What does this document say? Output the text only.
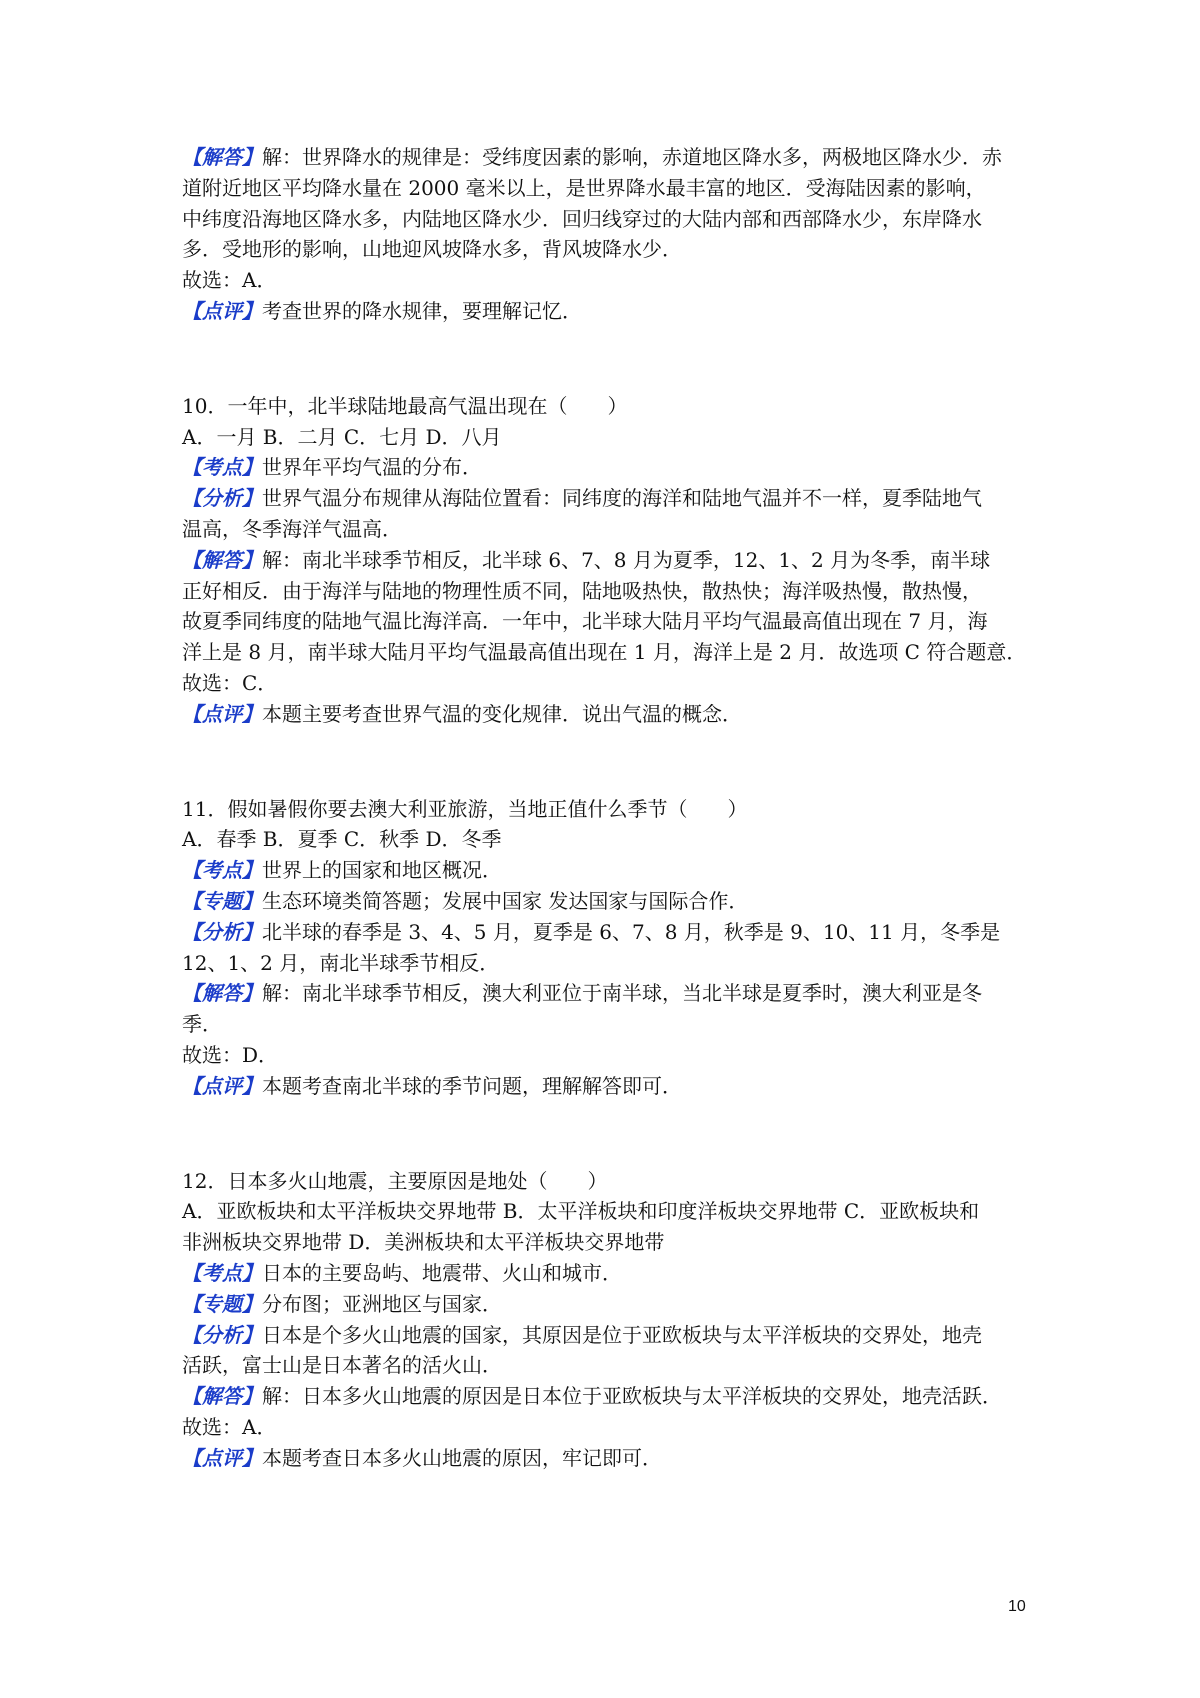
【解答】解：世界降水的规律是：受纬度因素的影响，赤道地区降水多，两极地区降水少．赤
道附近地区平均降水量在 2000 毫米以上，是世界降水最丰富的地区．受海陆因素的影响，
中纬度沿海地区降水多，内陆地区降水少．回归线穿过的大陆内部和西部降水少，东岸降水
多．受地形的影响，山地迎风坡降水多，背风坡降水少．
故选：A．
【点评】考查世界的降水规律，要理解记忆．
10．一年中，北半球陆地最高气温出现在（　　）
A．一月 B．二月 C．七月 D．八月
【考点】世界年平均气温的分布．
【分析】世界气温分布规律从海陆位置看：同纬度的海洋和陆地气温并不一样，夏季陆地气
温高，冬季海洋气温高．
【解答】解：南北半球季节相反，北半球 6、7、8 月为夏季，12、1、2 月为冬季，南半球
正好相反．由于海洋与陆地的物理性质不同，陆地吸热快，散热快；海洋吸热慢，散热慢，
故夏季同纬度的陆地气温比海洋高．一年中，北半球大陆月平均气温最高值出现在 7 月，海
洋上是 8 月，南半球大陆月平均气温最高值出现在 1 月，海洋上是 2 月．故选项 C 符合题意．
故选：C．
【点评】本题主要考查世界气温的变化规律．说出气温的概念．
11．假如暑假你要去澳大利亚旅游，当地正值什么季节（　　）
A．春季 B．夏季 C．秋季 D．冬季
【考点】世界上的国家和地区概况．
【专题】生态环境类简答题；发展中国家 发达国家与国际合作．
【分析】北半球的春季是 3、4、5 月，夏季是 6、7、8 月，秋季是 9、10、11 月，冬季是
12、1、2 月，南北半球季节相反．
【解答】解：南北半球季节相反，澳大利亚位于南半球，当北半球是夏季时，澳大利亚是冬
季．
故选：D．
【点评】本题考查南北半球的季节问题，理解解答即可．
12．日本多火山地震，主要原因是地处（　　）
A．亚欧板块和太平洋板块交界地带 B．太平洋板块和印度洋板块交界地带 C．亚欧板块和
非洲板块交界地带 D．美洲板块和太平洋板块交界地带
【考点】日本的主要岛屿、地震带、火山和城市．
【专题】分布图；亚洲地区与国家．
【分析】日本是个多火山地震的国家，其原因是位于亚欧板块与太平洋板块的交界处，地壳
活跃，富士山是日本著名的活火山．
【解答】解：日本多火山地震的原因是日本位于亚欧板块与太平洋板块的交界处，地壳活跃．
故选：A．
【点评】本题考查日本多火山地震的原因，牢记即可．
10
